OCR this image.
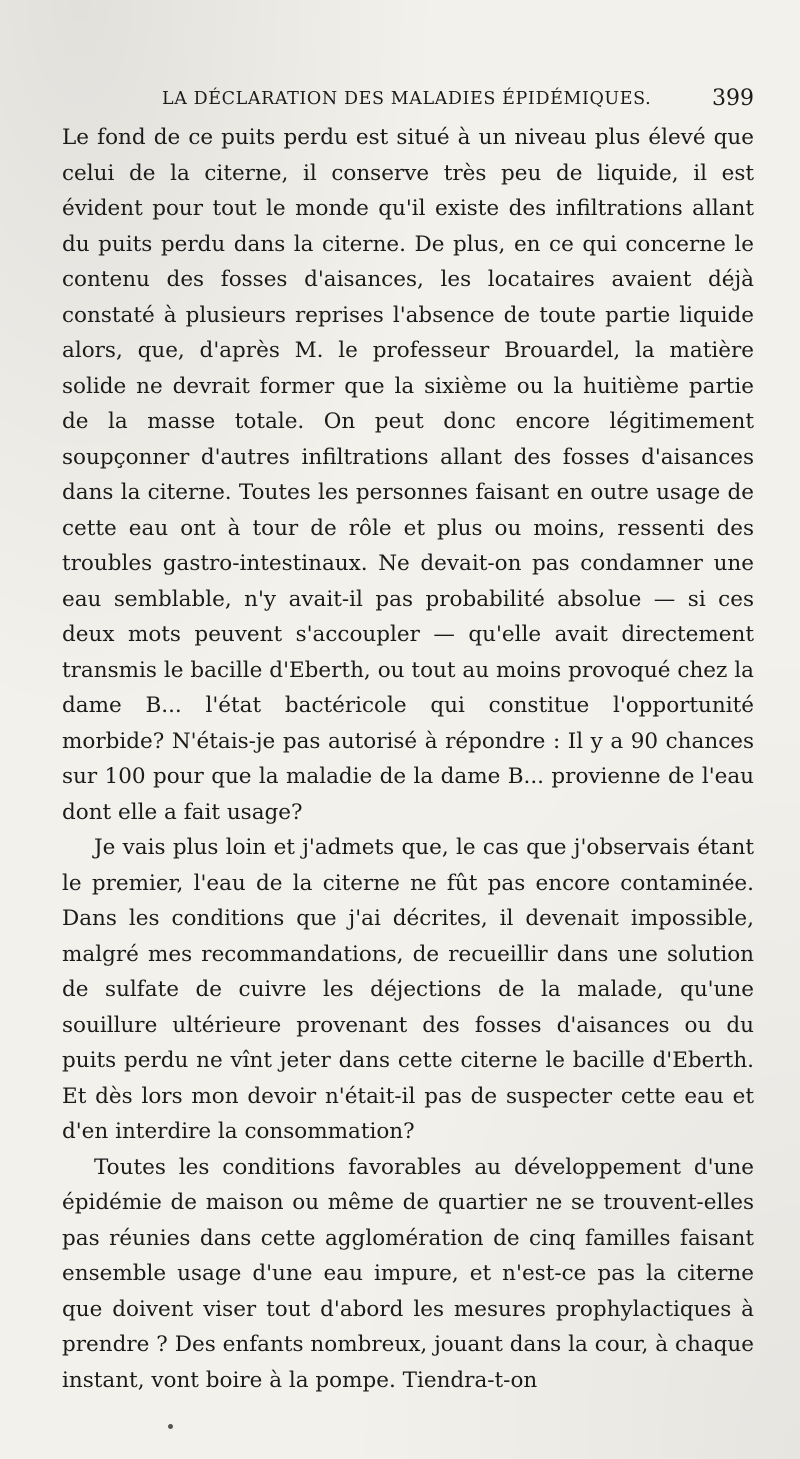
LA DÉCLARATION DES MALADIES ÉPIDÉMIQUES.	399

Le fond de ce puits perdu est situé à un niveau plus élevé que celui de la citerne, il conserve très peu de liquide, il est évident pour tout le monde qu'il existe des infiltrations allant du puits perdu dans la citerne. De plus, en ce qui concerne le contenu des fosses d'aisances, les locataires avaient déjà constaté à plusieurs reprises l'absence de toute partie liquide alors, que, d'après M. le professeur Brouardel, la matière solide ne devrait former que la sixième ou la huitième partie de la masse totale. On peut donc encore légitimement soupçonner d'autres infiltrations allant des fosses d'aisances dans la citerne. Toutes les personnes faisant en outre usage de cette eau ont à tour de rôle et plus ou moins, ressenti des troubles gastro-intestinaux. Ne devait-on pas condamner une eau semblable, n'y avait-il pas probabilité absolue — si ces deux mots peuvent s'accoupler — qu'elle avait directement transmis le bacille d'Eberth, ou tout au moins provoqué chez la dame B... l'état bactéricole qui constitue l'opportunité morbide? N'étais-je pas autorisé à répondre : Il y a 90 chances sur 100 pour que la maladie de la dame B... provienne de l'eau dont elle a fait usage?

Je vais plus loin et j'admets que, le cas que j'observais étant le premier, l'eau de la citerne ne fût pas encore contaminée. Dans les conditions que j'ai décrites, il devenait impossible, malgré mes recommandations, de recueillir dans une solution de sulfate de cuivre les déjections de la malade, qu'une souillure ultérieure provenant des fosses d'aisances ou du puits perdu ne vînt jeter dans cette citerne le bacille d'Eberth. Et dès lors mon devoir n'était-il pas de suspecter cette eau et d'en interdire la consommation?

Toutes les conditions favorables au développement d'une épidémie de maison ou même de quartier ne se trouvent-elles pas réunies dans cette agglomération de cinq familles faisant ensemble usage d'une eau impure, et n'est-ce pas la citerne que doivent viser tout d'abord les mesures prophylactiques à prendre ? Des enfants nombreux, jouant dans la cour, à chaque instant, vont boire à la pompe. Tiendra-t-on
